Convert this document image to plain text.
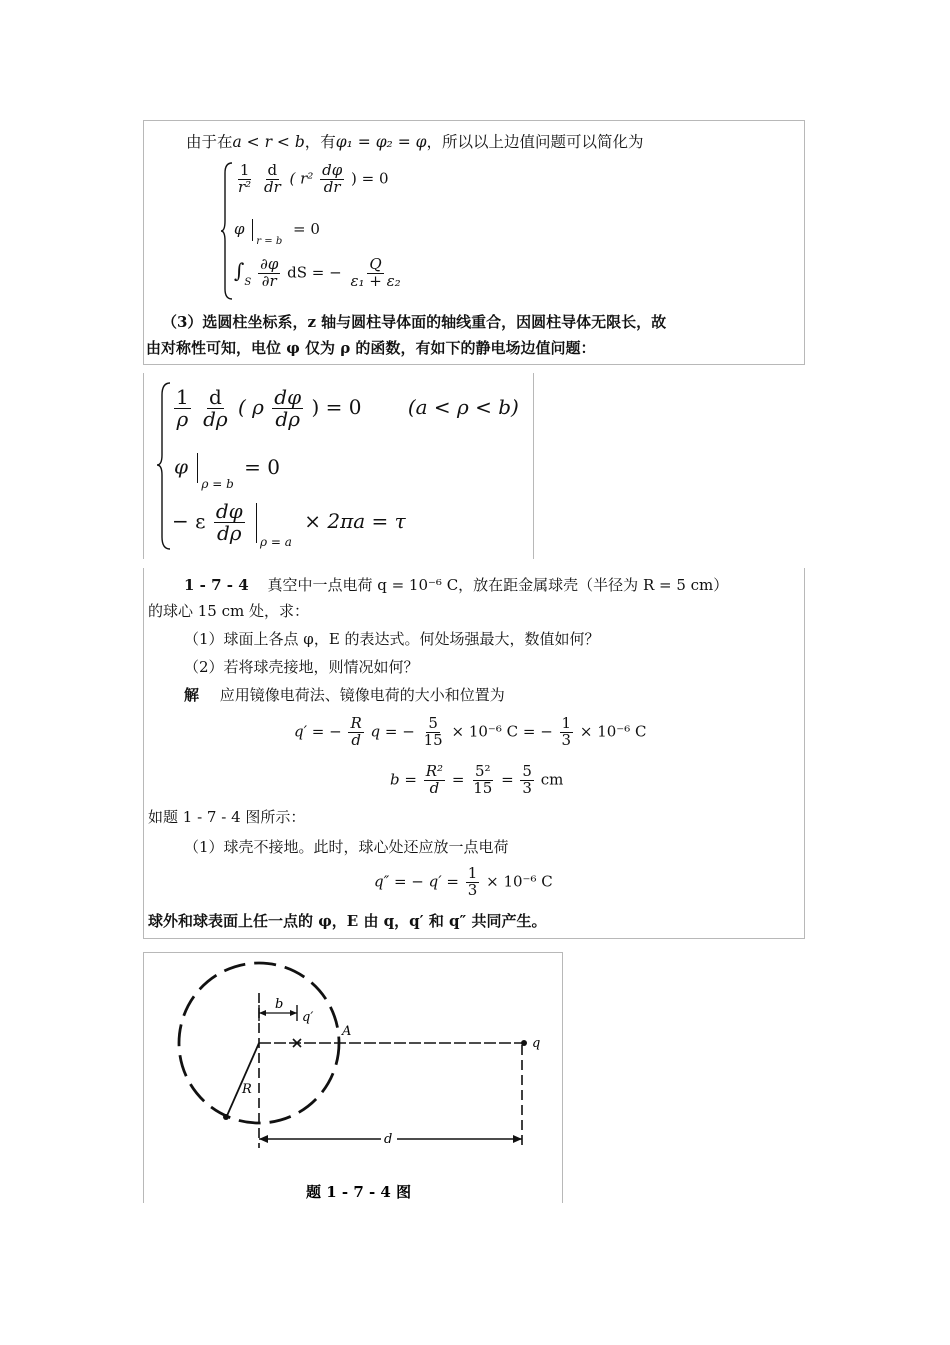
由于在a < r < b，有φ₁ = φ₂ = φ，所以以上边值问题可以简化为
$\frac{1}{\text{r²}}$
$\frac{d}{dr}$ ( $r^2 \frac{d\varphi}{dr}$ ) = 0
φ $_{r = b}$ = 0
$\int_S \frac{\partial\varphi}{\partial r}$ dS = − $\frac{Q}{\text{ε₁ + ε₂}}$
（3）选圆柱坐标系，z 轴与圆柱导体面的轴线重合，因圆柱导体无限长，故
由对称性可知，电位 φ 仅为 ρ 的函数，有如下的静电场边值问题：
$\frac{1}{\rho}$
$\frac{d}{d\rho}$ ( ρ $\frac{d\varphi}{d\rho}$ ) = 0 (a < ρ < b)
φ $_{\rho = b}$ = 0
− ε $\frac{d\varphi}{d\rho} _{\rho = a} \times 2\pi a = \tau$
1 - 7 - 4 真空中一点电荷 q = 10⁻⁶ C，放在距金属球壳（半径为 R = 5 cm）
的球心 15 cm 处，求：
（1）球面上各点 φ，E 的表达式。何处场强最大，数值如何？
（2）若将球壳接地，则情况如何？
解 应用镜像电荷法、镜像电荷的大小和位置为
q′ = − $\frac{R}{d}$ q = − $\frac{5}{15} \times 10^{-6}$ C = − $\frac{1}{3} \times 10^{-6}$ C
$b = \frac{\text{R²}}{d} = \frac{\text{5²}}{15} = \frac{5}{3}$ cm
如题 1 - 7 - 4 图所示：
（1）球壳不接地。此时，球心处还应放一点电荷
q″ = − $q' = \frac{1}{3} \times 10^{-6}$ C
球外和球表面上任一点的 φ，E 由 q，q′ 和 q″ 共同产生。
b
q′
A
q
R
d
题 1 - 7 - 4 图
